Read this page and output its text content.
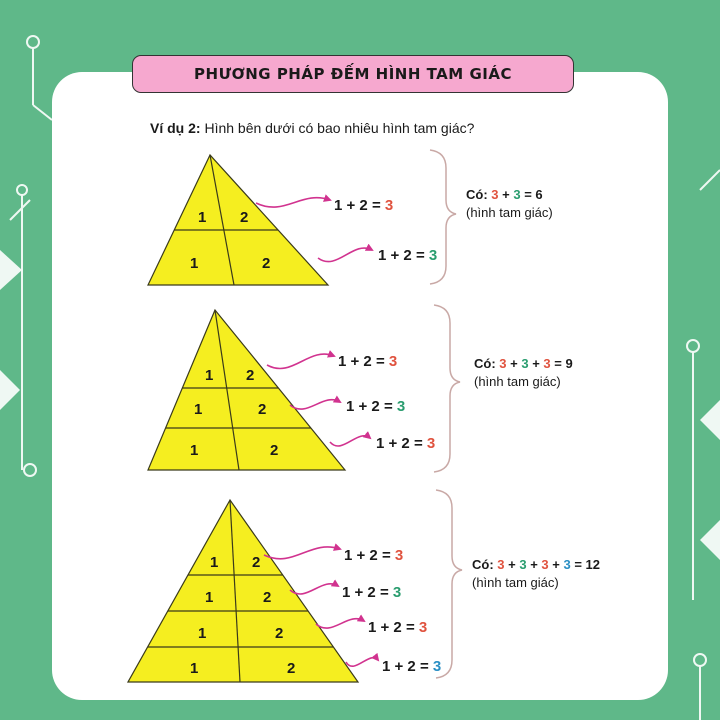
PHƯƠNG PHÁP ĐẾM HÌNH TAM GIÁC
Ví dụ 2: Hình bên dưới có bao nhiêu hình tam giác?
1 2
1 + 2 = 3
1	2	1 + 2 = 3
1 2
1 + 2 = 3
1	2	1 + 2 = 3
1	2	1 + 2 = 3
1 2	1 + 2 = 3
1	2	1 + 2 = 3
1	2	1 + 2 = 3
1	2	1 + 2 = 3
Có: 3 + 3 = 6
(hình tam giác)
Có: 3 + 3 + 3 = 9
(hình tam giác)
Có: 3 + 3 + 3 + 3 = 12
(hình tam giác)
